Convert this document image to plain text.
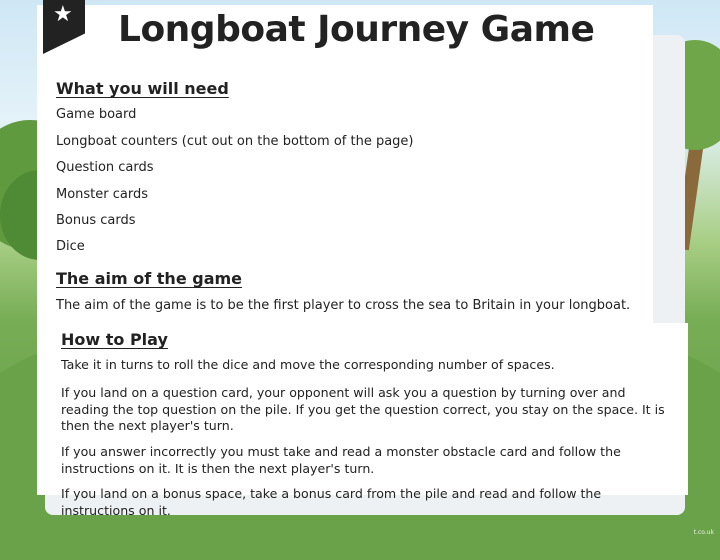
★ Longboat Journey Game
What you will need

Game board

Longboat counters (cut out on the bottom of the page)

Question cards

Monster cards

Bonus cards

Dice

The aim of the game

The aim of the game is to be the first player to cross the sea to Britain in your longboat.

How to Play

Take it in turns to roll the dice and move the corresponding number of spaces.

If you land on a question card, your opponent will ask you a question by turning over and reading the top question on the pile. If you get the question correct, you stay on the space. It is then the next player's turn.

If you answer incorrectly you must take and read a monster obstacle card and follow the instructions on it. It is then the next player's turn.

If you land on a bonus space, take a bonus card from the pile and read and follow the instructions on it.

t.co.uk
